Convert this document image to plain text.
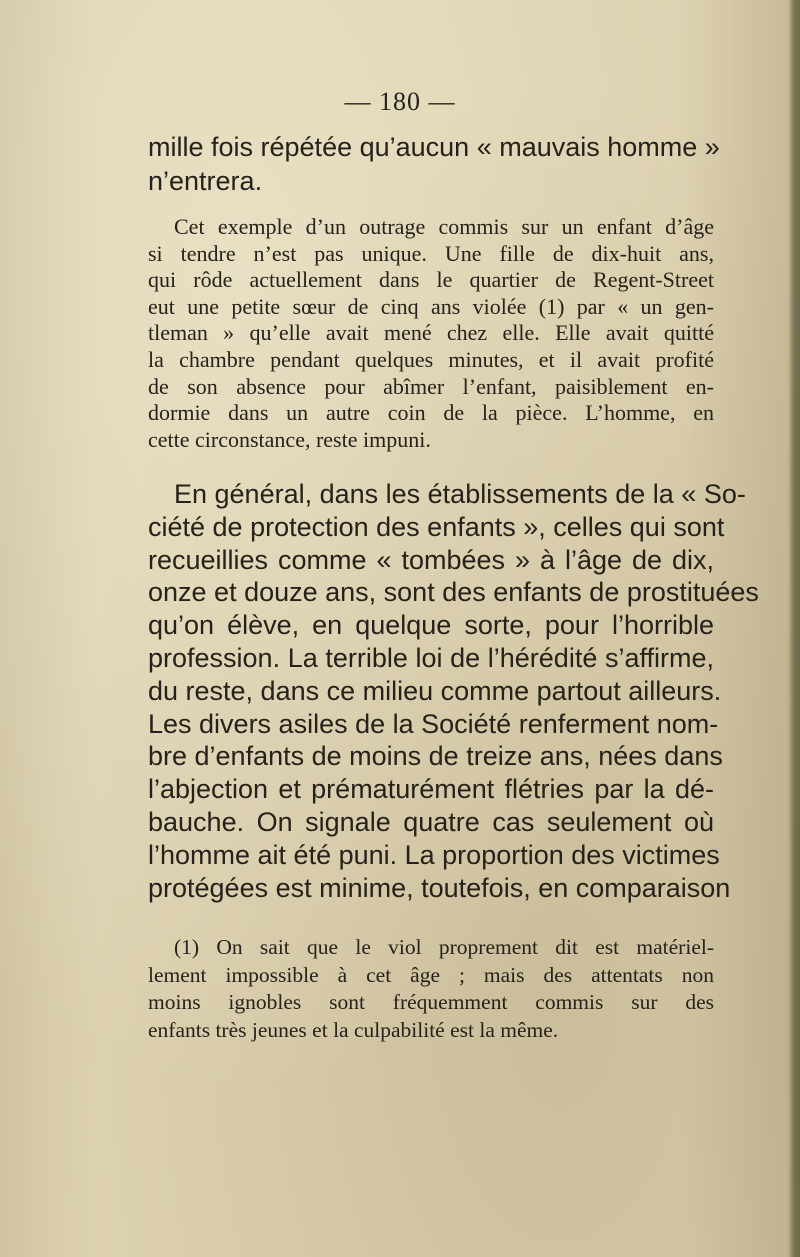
— 180 —
mille fois répétée qu’aucun « mauvais homme »
n’entrera.
Cet exemple d’un outrage commis sur un enfant d’âge
si tendre n’est pas unique. Une fille de dix-huit ans,
qui rôde actuellement dans le quartier de Regent-Street
eut une petite sœur de cinq ans violée (1) par « un gen-
tleman » qu’elle avait mené chez elle. Elle avait quitté
la chambre pendant quelques minutes, et il avait profité
de son absence pour abîmer l’enfant, paisiblement en-
dormie dans un autre coin de la pièce. L’homme, en
cette circonstance, reste impuni.
En général, dans les établissements de la « So-
ciété de protection des enfants », celles qui sont
recueillies comme « tombées » à l’âge de dix,
onze et douze ans, sont des enfants de prostituées
qu’on élève, en quelque sorte, pour l’horrible
profession. La terrible loi de l’hérédité s’affirme,
du reste, dans ce milieu comme partout ailleurs.
Les divers asiles de la Société renferment nom-
bre d’enfants de moins de treize ans, nées dans
l’abjection et prématurément flétries par la dé-
bauche. On signale quatre cas seulement où
l’homme ait été puni. La proportion des victimes
protégées est minime, toutefois, en comparaison
(1) On sait que le viol proprement dit est matériel-
lement impossible à cet âge ; mais des attentats non
moins ignobles sont fréquemment commis sur des
enfants très jeunes et la culpabilité est la même.
